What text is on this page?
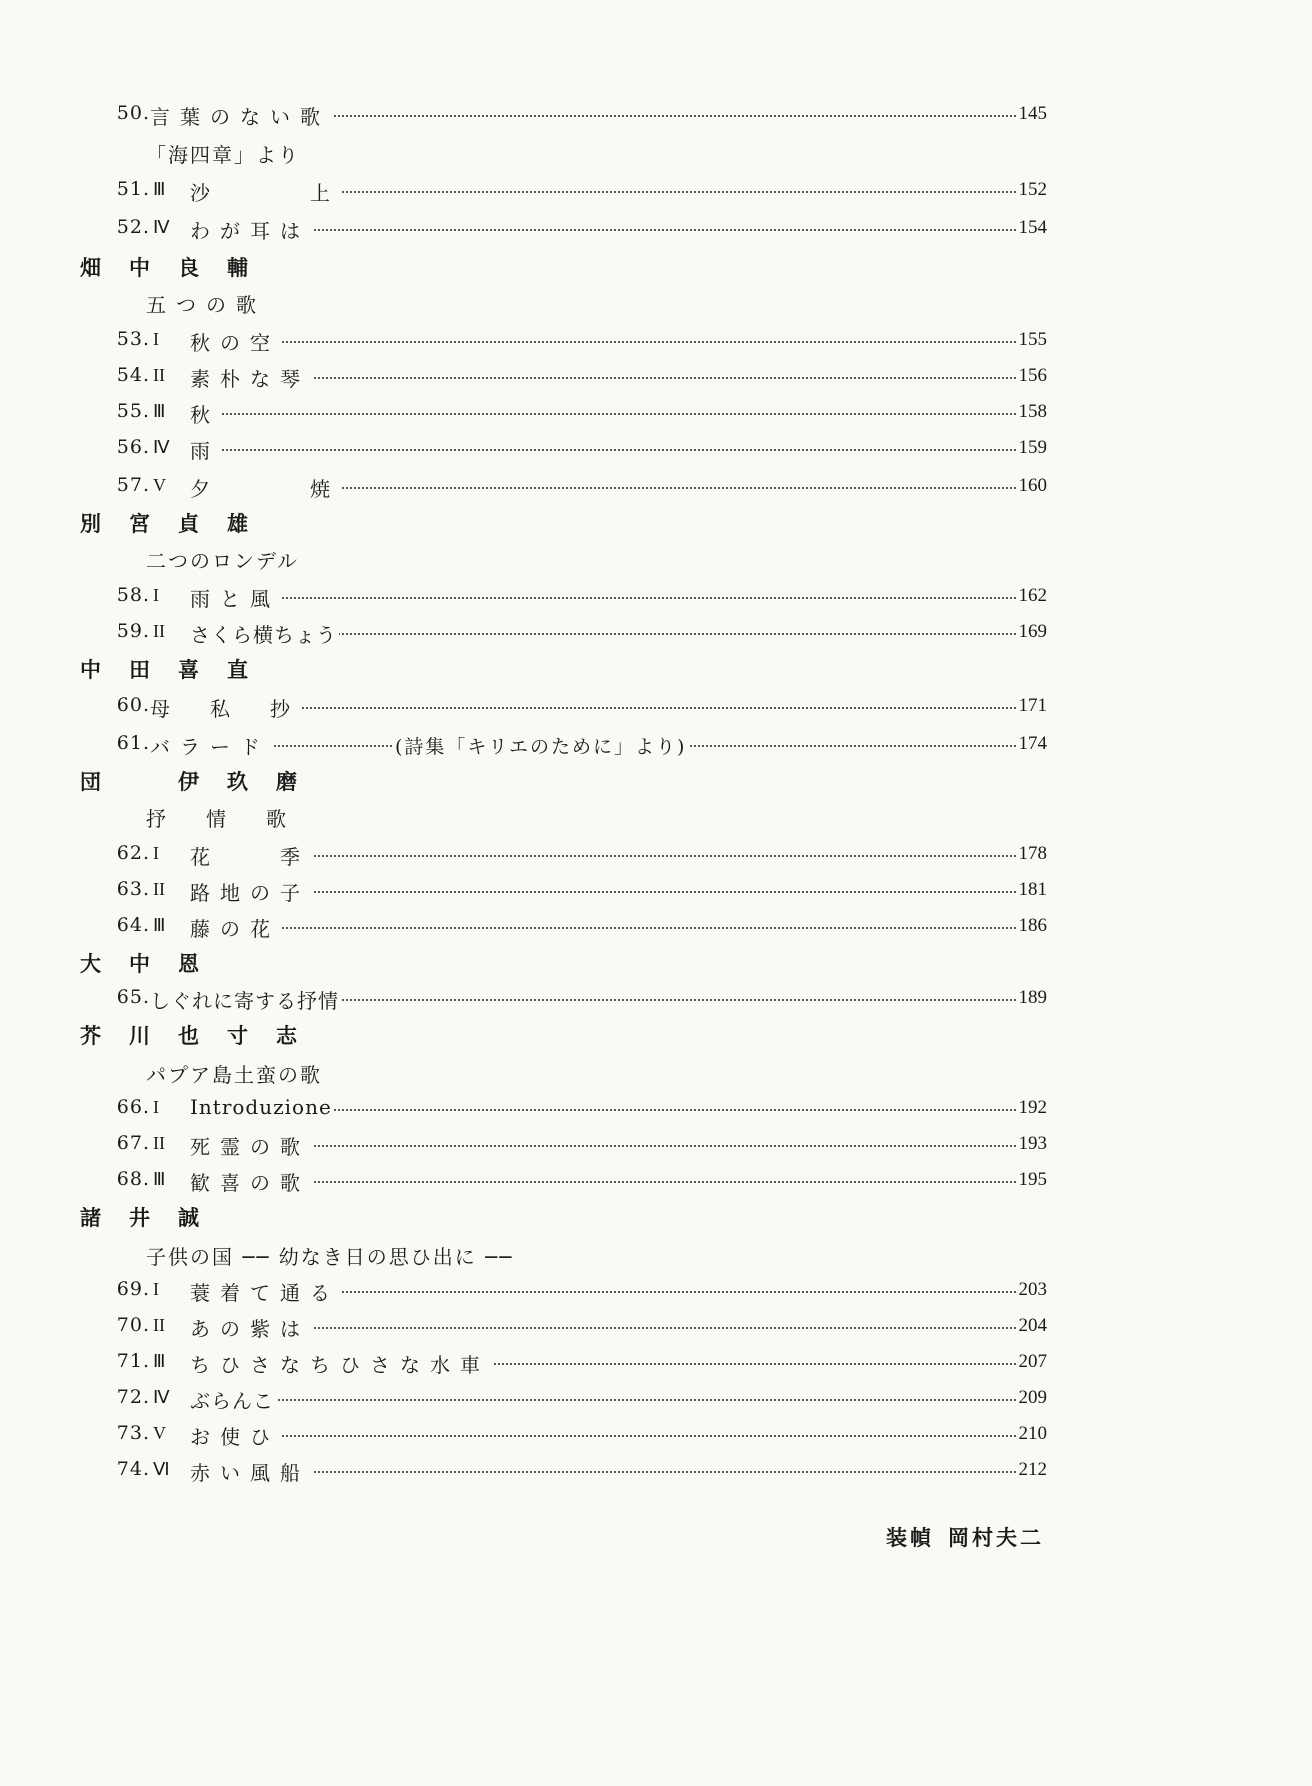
50. 言葉のない歌	145
「海四章」より
51. Ⅲ 沙　　　上	152
52. Ⅳ わが耳は	154
畑中良輔
五つの歌
53. I 秋の空	155
54. II 素朴な琴	156
55. Ⅲ 秋	158
56. Ⅳ 雨	159
57. V 夕　　　焼	160
別宮貞雄
二つのロンデル
58. I 雨と風	162
59. II さくら横ちょう	169
中田喜直
60. 母　私　抄	171
61. バラード	(詩集「キリエのために」より)	174
団　伊玖磨
抒　情　歌
62. I 花　　季	178
63. II 路地の子	181
64. Ⅲ 藤の花	186
大中恩
65. しぐれに寄する抒情	189
芥川也寸志
パプア島土蛮の歌
66. I Introduzione	192
67. II 死霊の歌	193
68. Ⅲ 歓喜の歌	195
諸井誠
子供の国 ── 幼なき日の思ひ出に ──
69. I 蓑着て通る	203
70. II あの紫は	204
71. Ⅲ ちひさなちひさな水車	207
72. Ⅳ ぶらんこ	209
73. V お使ひ	210
74. Ⅵ 赤い風船	212
装幀 岡村夫二
